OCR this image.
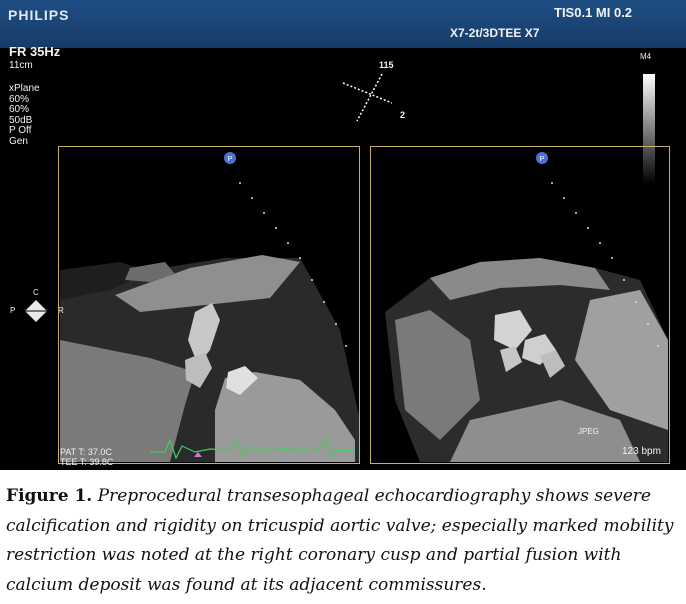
PHILIPS	TIS0.1 MI 0.2
X7-2t/3DTEE X7
FR 35Hz
11cm
xPlane
60%
60%
50dB
P Off
Gen
M4
P	P
115
2
P
C
R
PAT T: 37.0C
TEE T: 39.8C
JPEG
123 bpm
Figure 1. Preprocedural transesophageal echocardiography shows severe calcification and rigidity on tricuspid aortic valve; especially marked mobility restriction was noted at the right coronary cusp and partial fusion with calcium deposit was found at its adjacent commissures.
